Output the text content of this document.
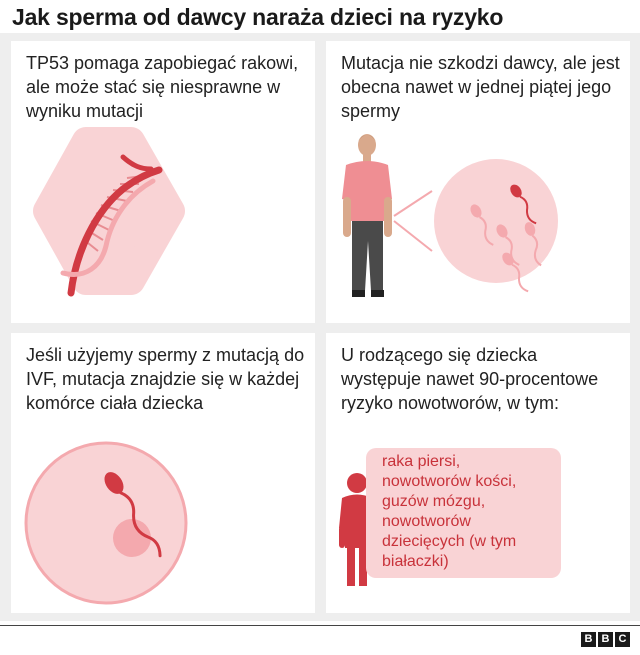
Jak sperma od dawcy naraża dzieci na ryzyko
TP53 pomaga zapobiegać rakowi, ale może stać się niesprawne w wyniku mutacji
Mutacja nie szkodzi dawcy, ale jest obecna nawet w jednej piątej jego spermy
Jeśli użyjemy spermy z mutacją do IVF, mutacja znajdzie się w każdej komórce ciała dziecka
U rodzącego się dziecka występuje nawet 90-procentowe ryzyko nowotworów, w tym:
raka piersi,
nowotworów kości,
guzów mózgu,
nowotworów
dziecięcych (w tym
białaczki)
B B C
